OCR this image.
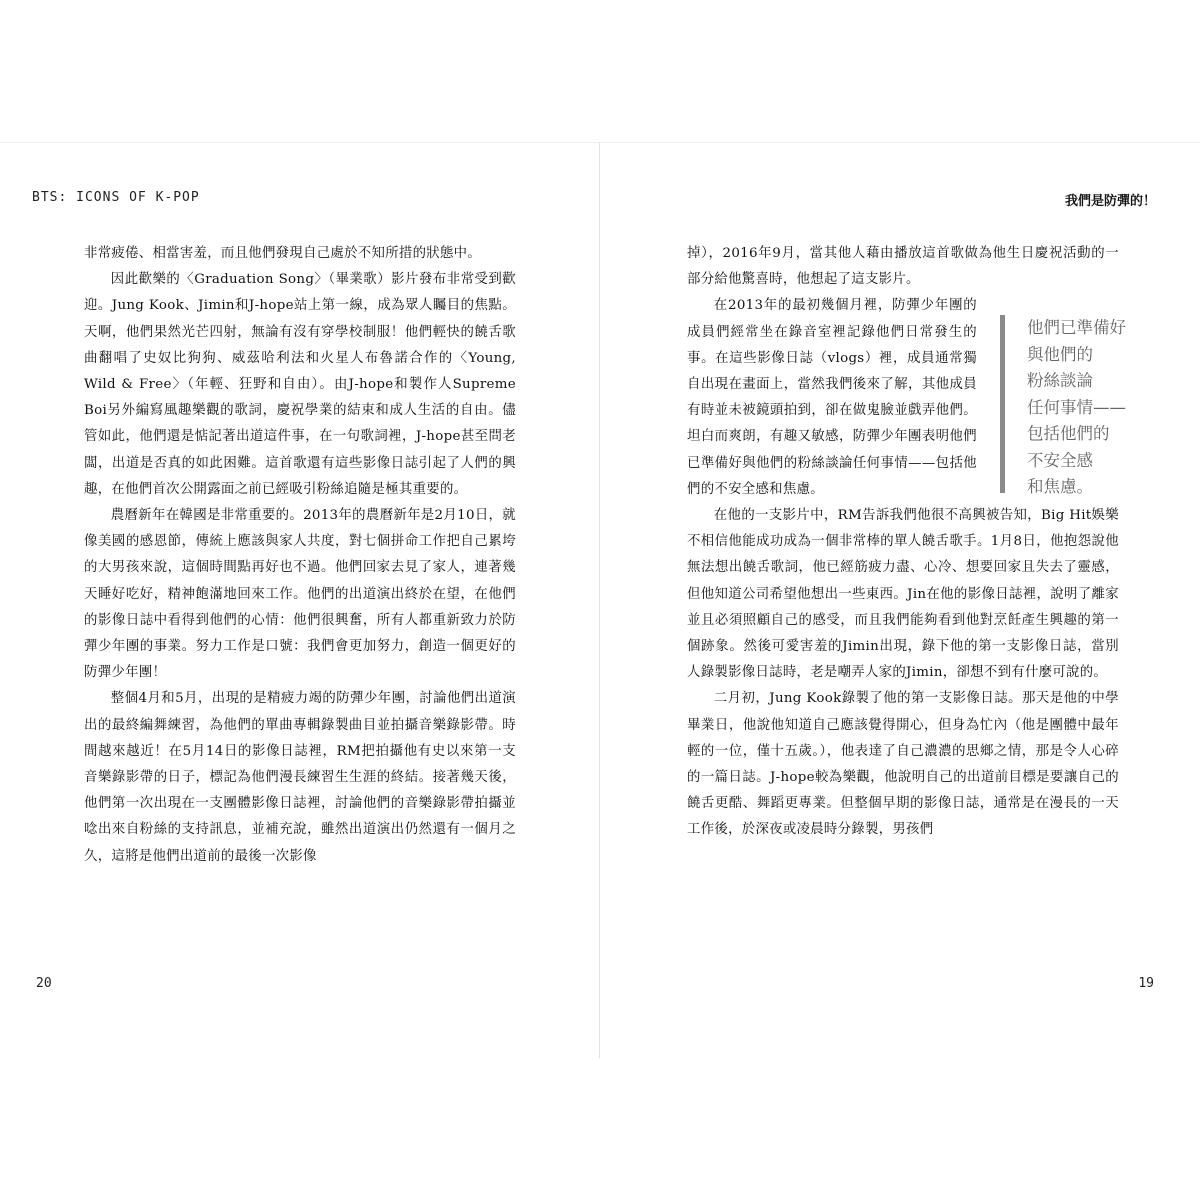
BTS: ICONS OF K-POP

非常疲倦、相當害羞，而且他們發現自己處於不知所措的狀態中。

因此歡樂的〈Graduation Song〉（畢業歌）影片發布非常受到歡迎。Jung Kook、Jimin和J-hope站上第一線，成為眾人矚目的焦點。天啊，他們果然光芒四射，無論有沒有穿學校制服！他們輕快的饒舌歌曲翻唱了史奴比狗狗、威茲哈利法和火星人布魯諾合作的〈Young, Wild & Free〉（年輕、狂野和自由）。由J-hope和製作人Supreme Boi另外編寫風趣樂觀的歌詞，慶祝學業的結束和成人生活的自由。儘管如此，他們還是惦記著出道這件事，在一句歌詞裡，J-hope甚至問老闆，出道是否真的如此困難。這首歌還有這些影像日誌引起了人們的興趣，在他們首次公開露面之前已經吸引粉絲追隨是極其重要的。

農曆新年在韓國是非常重要的。2013年的農曆新年是2月10日，就像美國的感恩節，傳統上應該與家人共度，對七個拼命工作把自己累垮的大男孩來說，這個時間點再好也不過。他們回家去見了家人，連著幾天睡好吃好，精神飽滿地回來工作。他們的出道演出終於在望，在他們的影像日誌中看得到他們的心情：他們很興奮，所有人都重新致力於防彈少年團的事業。努力工作是口號：我們會更加努力，創造一個更好的防彈少年團！

整個4月和5月，出現的是精疲力竭的防彈少年團，討論他們出道演出的最終編舞練習，為他們的單曲專輯錄製曲目並拍攝音樂錄影帶。時間越來越近！在5月14日的影像日誌裡，RM把拍攝他有史以來第一支音樂錄影帶的日子，標記為他們漫長練習生生涯的終結。接著幾天後，他們第一次出現在一支團體影像日誌裡，討論他們的音樂錄影帶拍攝並唸出來自粉絲的支持訊息，並補充說，雖然出道演出仍然還有一個月之久，這將是他們出道前的最後一次影像

20
我們是防彈的！

掉），2016年9月，當其他人藉由播放這首歌做為他生日慶祝活動的一部分給他驚喜時，他想起了這支影片。

在2013年的最初幾個月裡，防彈少年團的成員們經常坐在錄音室裡記錄他們日常發生的事。在這些影像日誌（vlogs）裡，成員通常獨自出現在畫面上，當然我們後來了解，其他成員有時並未被鏡頭拍到，卻在做鬼臉並戲弄他們。坦白而爽朗，有趣又敏感，防彈少年團表明他們已準備好與他們的粉絲談論任何事情——包括他們的不安全感和焦慮。

在他的一支影片中，RM告訴我們他很不高興被告知，Big Hit娛樂不相信他能成功成為一個非常棒的單人饒舌歌手。1月8日，他抱怨說他無法想出饒舌歌詞，他已經筋疲力盡、心冷、想要回家且失去了靈感，但他知道公司希望他想出一些東西。Jin在他的影像日誌裡，說明了離家並且必須照顧自己的感受，而且我們能夠看到他對烹飪產生興趣的第一個跡象。然後可愛害羞的Jimin出現，錄下他的第一支影像日誌，當別人錄製影像日誌時，老是嘲弄人家的Jimin，卻想不到有什麼可說的。

二月初，Jung Kook錄製了他的第一支影像日誌。那天是他的中學畢業日，他說他知道自己應該覺得開心，但身為忙內（他是團體中最年輕的一位，僅十五歲。），他表達了自己濃濃的思鄉之情，那是令人心碎的一篇日誌。J-hope較為樂觀，他說明自己的出道前目標是要讓自己的饒舌更酷、舞蹈更專業。但整個早期的影像日誌，通常是在漫長的一天工作後，於深夜或凌晨時分錄製，男孩們

他們已準備好
與他們的
粉絲談論
任何事情——
包括他們的
不安全感
和焦慮。
19
